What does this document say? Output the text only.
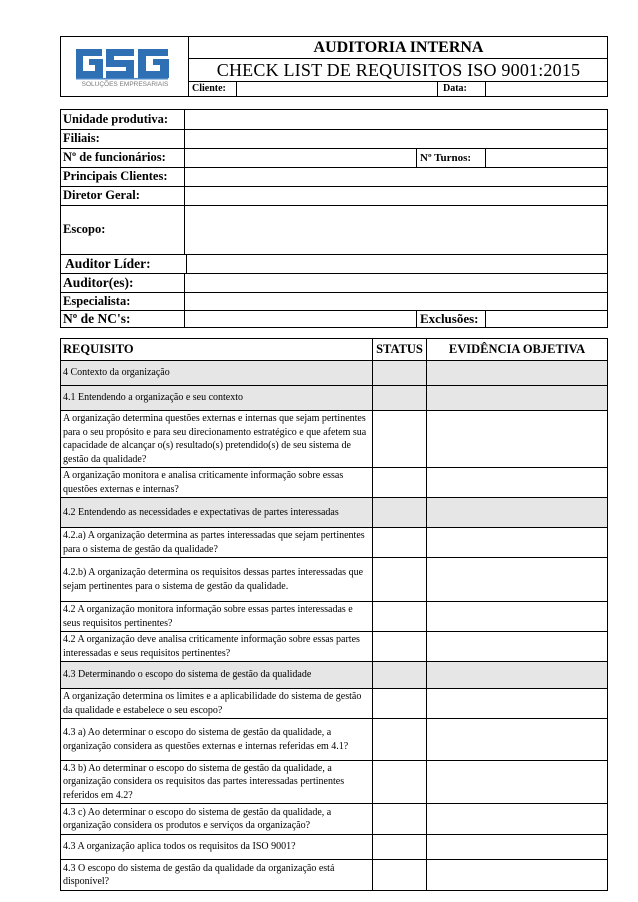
SOLUÇÕES EMPRESARIAIS
AUDITORIA INTERNA
CHECK LIST DE REQUISITOS ISO 9001:2015
Cliente:	Data:
Unidade produtiva:
Filiais:
Nº de funcionários:	Nº Turnos:
Principais Clientes:
Diretor Geral:
Escopo:
Auditor Líder:
Auditor(es):
Especialista:
Nº de NC's:	Exclusões:
REQUISITO	STATUS	EVIDÊNCIA OBJETIVA
4 Contexto da organização
4.1 Entendendo a organização e seu contexto
A organização determina questões externas e internas que sejam pertinentes para o seu propósito e para seu direcionamento estratégico e que afetem sua capacidade de alcançar o(s) resultado(s) pretendido(s) de seu sistema de gestão da qualidade?
A organização monitora e analisa criticamente informação sobre essas questões externas e internas?
4.2 Entendendo as necessidades e expectativas de partes interessadas
4.2.a) A organização determina as partes interessadas que sejam pertinentes para o sistema de gestão da qualidade?
4.2.b) A organização determina os requisitos dessas partes interessadas que sejam pertinentes para o sistema de gestão da qualidade.
4.2 A organização monitora informação sobre essas partes interessadas e seus requisitos pertinentes?
4.2 A organização deve analisa criticamente informação sobre essas partes interessadas e seus requisitos pertinentes?
4.3 Determinando o escopo do sistema de gestão da qualidade
A organização determina os limites e a aplicabilidade do sistema de gestão da qualidade e estabelece o seu escopo?
4.3 a) Ao determinar o escopo do sistema de gestão da qualidade, a organização considera as questões externas e internas referidas em 4.1?
4.3 b) Ao determinar o escopo do sistema de gestão da qualidade, a organização considera os requisitos das partes interessadas pertinentes referidos em 4.2?
4.3 c) Ao determinar o escopo do sistema de gestão da qualidade, a organização considera os produtos e serviços da organização?
4.3 A organização aplica todos os requisitos da ISO 9001?
4.3 O escopo do sistema de gestão da qualidade da organização está disponível?
